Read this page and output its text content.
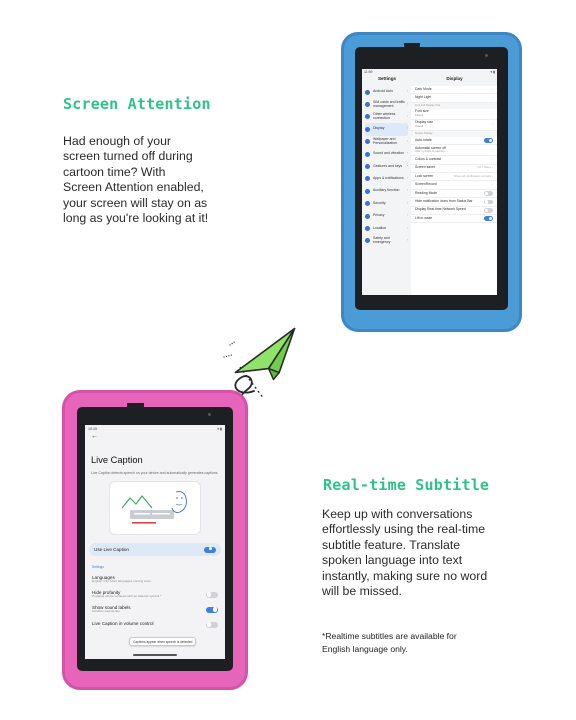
Screen Attention
Had enough of your
screen turned off during
cartoon time? With
Screen Attention enabled,
your screen will stay on as
long as you're looking at it!
Real-time Subtitle
Keep up with conversations
effortlessly using the real-time
subtitle feature. Translate
spoken language into text
instantly, making sure no word
will be missed.
*Realtime subtitles are available for
English language only.
11:59	▾ ▮
Settings	Display
Android Auto	›
SIM cards and traffic management	›
Other wireless connection	›
Display	›
Wallpaper and Personalization	›
Sound and vibration ›
Gestures and keys ›
Apps & notifications ›
Auxiliary function ›
Security	›
Privacy	›
Location	›
Safety and emergency	›
Dark Mode	›
Night Light	›
Font and Display Size
Font size
Default
›
Display size
Default
›
Screen Display
Auto-rotate
Automatic screen off
After 1 minute of inactivity
›
Colors & contrast	›
Screen saver	On / None ›
Lock screen	Show all notification content ›
ScreenRecord	›
Reading Mode
Hide notification icons from Status Bar
Display Real-time Network Speed
Lift to wake
10:15	▾ ▮
←
Live Caption
Live Caption detects speech on your device and automatically generates captions
Use Live Caption
Settings
Languages
English only. More languages coming soon
Hide profanity
Profanity will be replaced with an asterisk symbol *
Show sound labels
Includes sounds like
Live Caption in volume control
Captions appear when speech is detected
